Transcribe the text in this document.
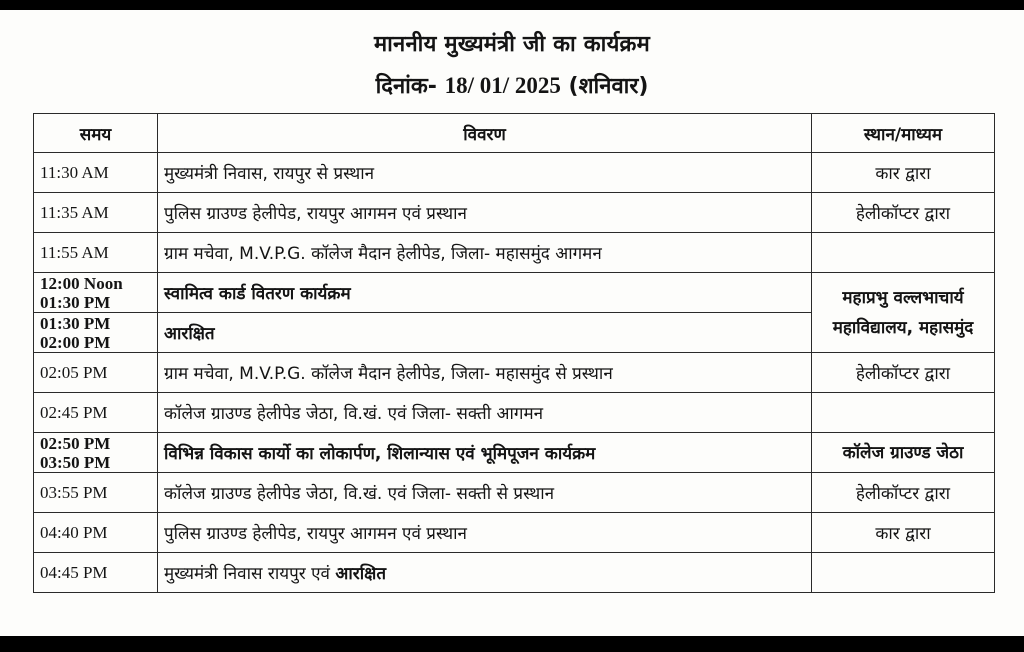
माननीय मुख्यमंत्री जी का कार्यक्रम
दिनांक- 18/ 01/ 2025 (शनिवार)
समय	विवरण	स्थान/माध्यम
11:30 AM	मुख्यमंत्री निवास, रायपुर से प्रस्थान	कार द्वारा
11:35 AM	पुलिस ग्राउण्ड हेलीपेड, रायपुर आगमन एवं प्रस्थान	हेलीकॉप्टर द्वारा
11:55 AM	ग्राम मचेवा, M.V.P.G. कॉलेज मैदान हेलीपेड, जिला- महासमुंद आगमन	

12:00 Noon
01:30 PM	स्वामित्व कार्ड वितरण कार्यक्रम	महाप्रभु वल्लभाचार्य महाविद्यालय, महासमुंद

01:30 PM
02:00 PM	आरक्षित	
02:05 PM	ग्राम मचेवा, M.V.P.G. कॉलेज मैदान हेलीपेड, जिला- महासमुंद से प्रस्थान	हेलीकॉप्टर द्वारा
02:45 PM	कॉलेज ग्राउण्ड हेलीपेड जेठा, वि.खं. एवं जिला- सक्ती आगमन	

02:50 PM
03:50 PM	विभिन्न विकास कार्यो का लोकार्पण, शिलान्यास एवं भूमिपूजन कार्यक्रम	कॉलेज ग्राउण्ड जेठा
03:55 PM	कॉलेज ग्राउण्ड हेलीपेड जेठा, वि.खं. एवं जिला- सक्ती से प्रस्थान	हेलीकॉप्टर द्वारा
04:40 PM	पुलिस ग्राउण्ड हेलीपेड, रायपुर आगमन एवं प्रस्थान	कार द्वारा
04:45 PM	मुख्यमंत्री निवास रायपुर एवं आरक्षित	
